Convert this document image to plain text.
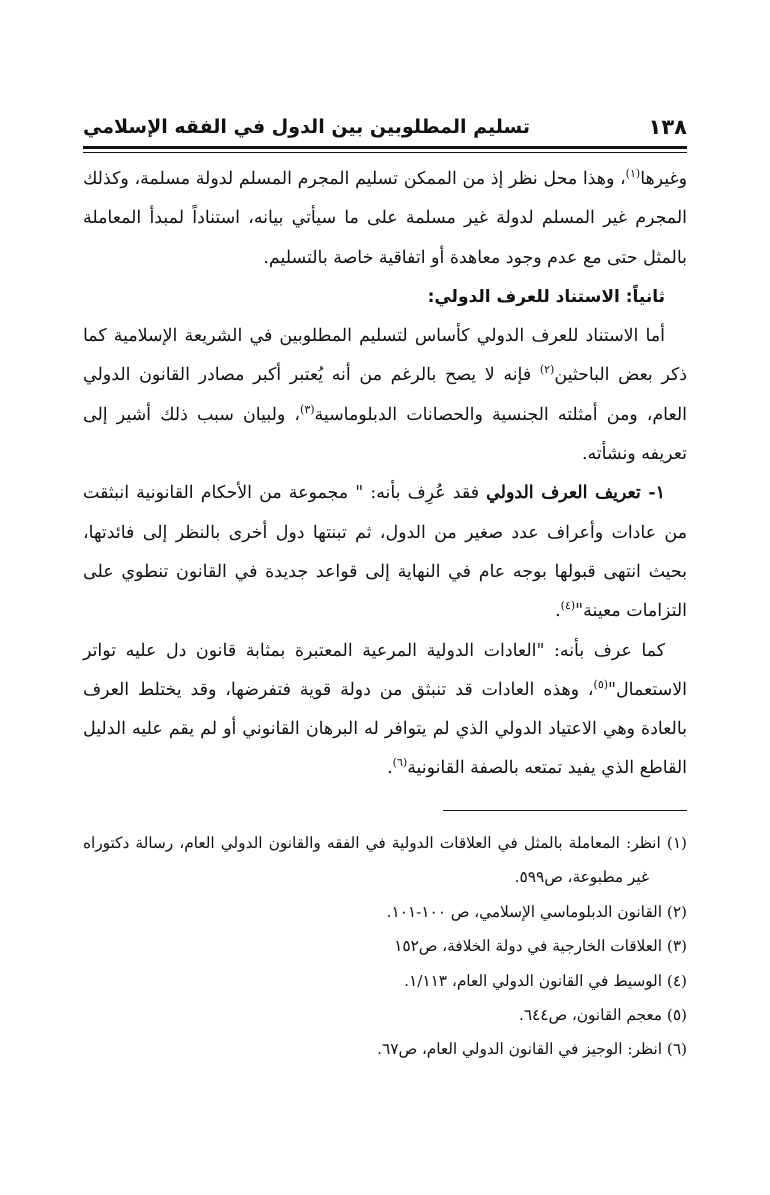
١٣٨
تسليم المطلوبين بين الدول في الفقه الإسلامي

وغيرها$^{(١)}$، وهذا محل نظر إذ من الممكن تسليم المجرم المسلم لدولة مسلمة، وكذلك المجرم غير المسلم لدولة غير مسلمة على ما سيأتي بيانه، استناداً لمبدأ المعاملة بالمثل حتى مع عدم وجود معاهدة أو اتفاقية خاصة بالتسليم.

ثانياً: الاستناد للعرف الدولي:

أما الاستناد للعرف الدولي كأساس لتسليم المطلوبين في الشريعة الإسلامية كما ذكر بعض الباحثين$^{(٢)}$ فإنه لا يصح بالرغم من أنه يُعتبر أكبر مصادر القانون الدولي العام، ومن أمثلته الجنسية والحصانات الدبلوماسية$^{(٣)}$، ولبيان سبب ذلك أشير إلى تعريفه ونشأته.

١- تعريف العرف الدولي فقد عُرِف بأنه: " مجموعة من الأحكام القانونية انبثقت من عادات وأعراف عدد صغير من الدول، ثم تبنتها دول أخرى بالنظر إلى فائدتها، بحيث انتهى قبولها بوجه عام في النهاية إلى قواعد جديدة في القانون تنطوي على التزامات معينة"$^{(٤)}$.

كما عرف بأنه: "العادات الدولية المرعية المعتبرة بمثابة قانون دل عليه تواتر الاستعمال"$^{(٥)}$، وهذه العادات قد تنبثق من دولة قوية فتفرضها، وقد يختلط العرف بالعادة وهي الاعتياد الدولي الذي لم يتوافر له البرهان القانوني أو لم يقم عليه الدليل القاطع الذي يفيد تمتعه بالصفة القانونية$^{(٦)}$.

(١) انظر: المعاملة بالمثل في العلاقات الدولية في الفقه والقانون الدولي العام، رسالة دكتوراه غير مطبوعة، ص٥٩٩.

(٢) القانون الدبلوماسي الإسلامي، ص ١٠٠-١٠١.

(٣) العلاقات الخارجية في دولة الخلافة، ص١٥٢

(٤) الوسيط في القانون الدولي العام، ١/١١٣.

(٥) معجم القانون، ص٦٤٤.

(٦) انظر: الوجيز في القانون الدولي العام، ص٦٧.
